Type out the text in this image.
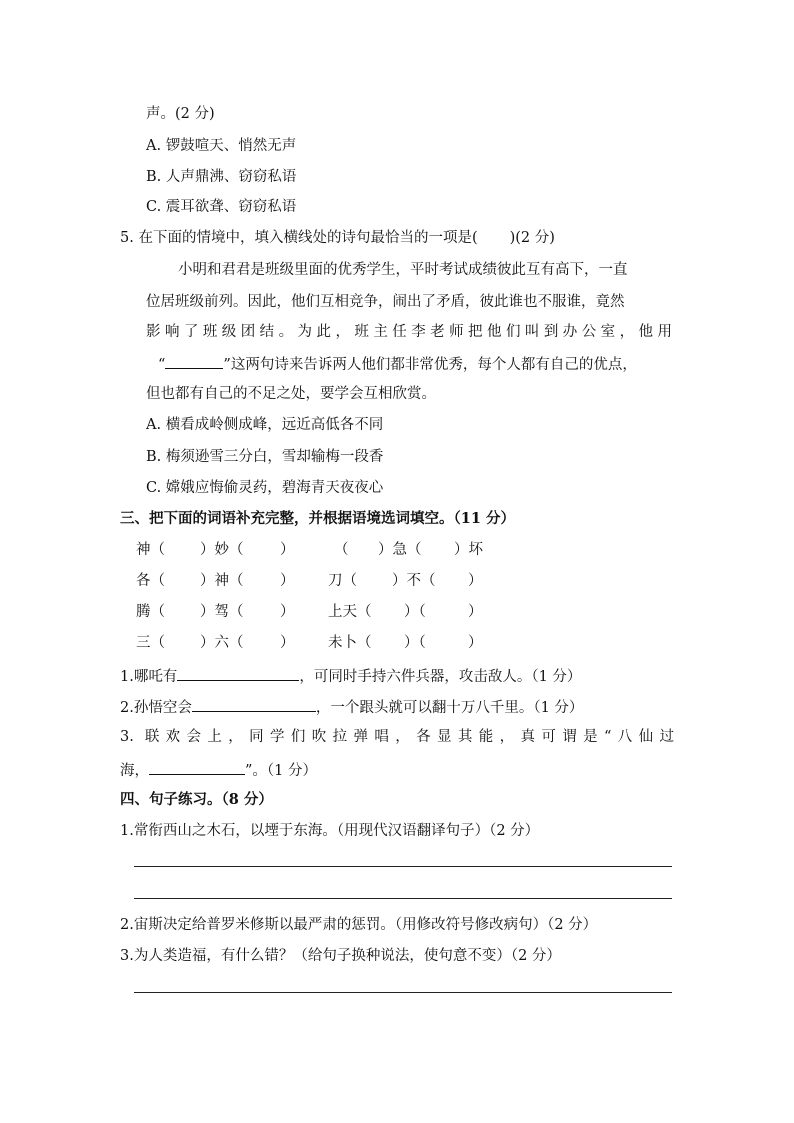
声。(2 分)
A. 锣鼓喧天、悄然无声
B. 人声鼎沸、窃窃私语
C. 震耳欲聋、窃窃私语
5. 在下面的情境中，填入横线处的诗句最恰当的一项是( )(2 分)
小明和君君是班级里面的优秀学生，平时考试成绩彼此互有高下，一直
位居班级前列。因此，他们互相竞争，闹出了矛盾，彼此谁也不服谁，竟然
影响了班级团结。为此，班主任李老师把他们叫到办公室，他用
“	”这两句诗来告诉两人他们都非常优秀，每个人都有自己的优点，
但也都有自己的不足之处，要学会互相欣赏。
A. 横看成岭侧成峰，远近高低各不同
B. 梅须逊雪三分白，雪却输梅一段香
C. 嫦娥应悔偷灵药，碧海青天夜夜心
三、把下面的词语补充完整，并根据语境选词填空。（11 分）
神（ ）妙（	）	（ ）急（ ）坏
各（ ）神（	） 刀（ ）不（ ）
腾（ ）驾（	） 上天（ ）（	）
三（ ）六（	） 未卜（ ）（	）
1.哪吒有	，可同时手持六件兵器，攻击敌人。（1 分）
2.孙悟空会	，一个跟头就可以翻十万八千里。（1 分）
3. 联欢会上，同学们吹拉弹唱，各显其能，真可谓是“八仙过
海，	”。（1 分）
四、句子练习。（8 分）
1.常衔西山之木石，以堙于东海。（用现代汉语翻译句子）（2 分）
2.宙斯决定给普罗米修斯以最严肃的惩罚。（用修改符号修改病句）（2 分）
3.为人类造福，有什么错？（给句子换种说法，使句意不变）（2 分）
